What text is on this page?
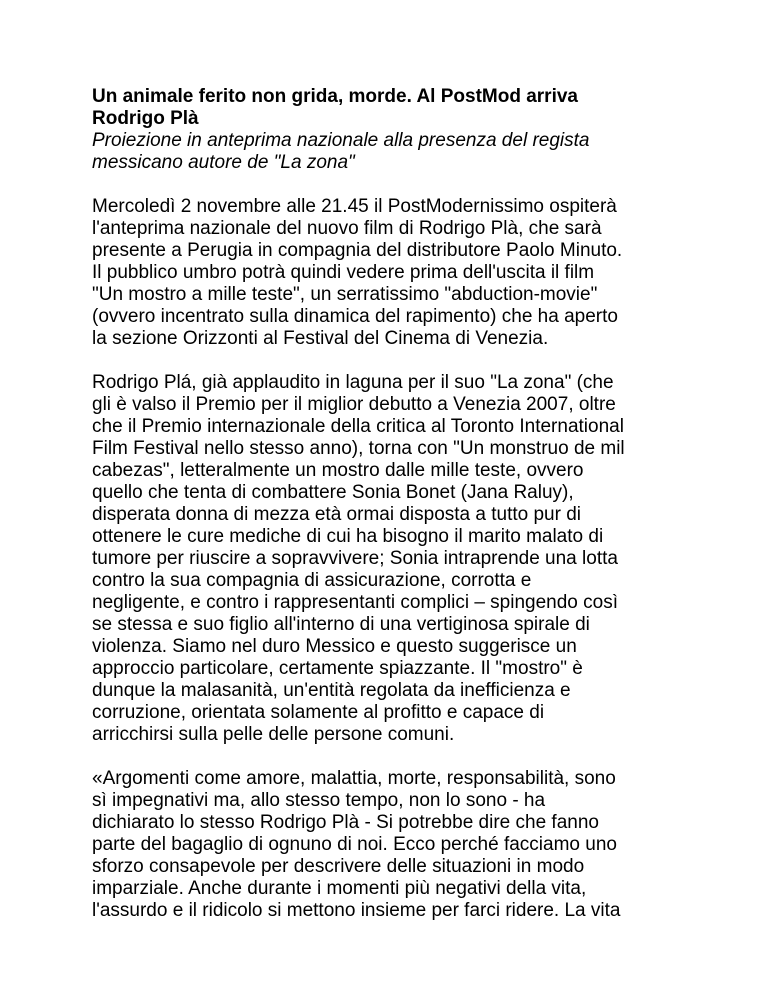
Un animale ferito non grida, morde. Al PostMod arriva
Rodrigo Plà

Proiezione in anteprima nazionale alla presenza del regista
messicano autore de "La zona"

Mercoledì 2 novembre alle 21.45 il PostModernissimo ospiterà
l'anteprima nazionale del nuovo film di Rodrigo Plà, che sarà
presente a Perugia in compagnia del distributore Paolo Minuto.
Il pubblico umbro potrà quindi vedere prima dell'uscita il film
"Un mostro a mille teste", un serratissimo "abduction-movie"
(ovvero incentrato sulla dinamica del rapimento) che ha aperto
la sezione Orizzonti al Festival del Cinema di Venezia.

Rodrigo Plá, già applaudito in laguna per il suo "La zona" (che
gli è valso il Premio per il miglior debutto a Venezia 2007, oltre
che il Premio internazionale della critica al Toronto International
Film Festival nello stesso anno), torna con "Un monstruo de mil
cabezas", letteralmente un mostro dalle mille teste, ovvero
quello che tenta di combattere Sonia Bonet (Jana Raluy),
disperata donna di mezza età ormai disposta a tutto pur di
ottenere le cure mediche di cui ha bisogno il marito malato di
tumore per riuscire a sopravvivere; Sonia intraprende una lotta
contro la sua compagnia di assicurazione, corrotta e
negligente, e contro i rappresentanti complici – spingendo così
se stessa e suo figlio all'interno di una vertiginosa spirale di
violenza. Siamo nel duro Messico e questo suggerisce un
approccio particolare, certamente spiazzante. Il "mostro" è
dunque la malasanità, un'entità regolata da inefficienza e
corruzione, orientata solamente al profitto e capace di
arricchirsi sulla pelle delle persone comuni.

«Argomenti come amore, malattia, morte, responsabilità, sono
sì impegnativi ma, allo stesso tempo, non lo sono - ha
dichiarato lo stesso Rodrigo Plà - Si potrebbe dire che fanno
parte del bagaglio di ognuno di noi. Ecco perché facciamo uno
sforzo consapevole per descrivere delle situazioni in modo
imparziale. Anche durante i momenti più negativi della vita,
l'assurdo e il ridicolo si mettono insieme per farci ridere. La vita
